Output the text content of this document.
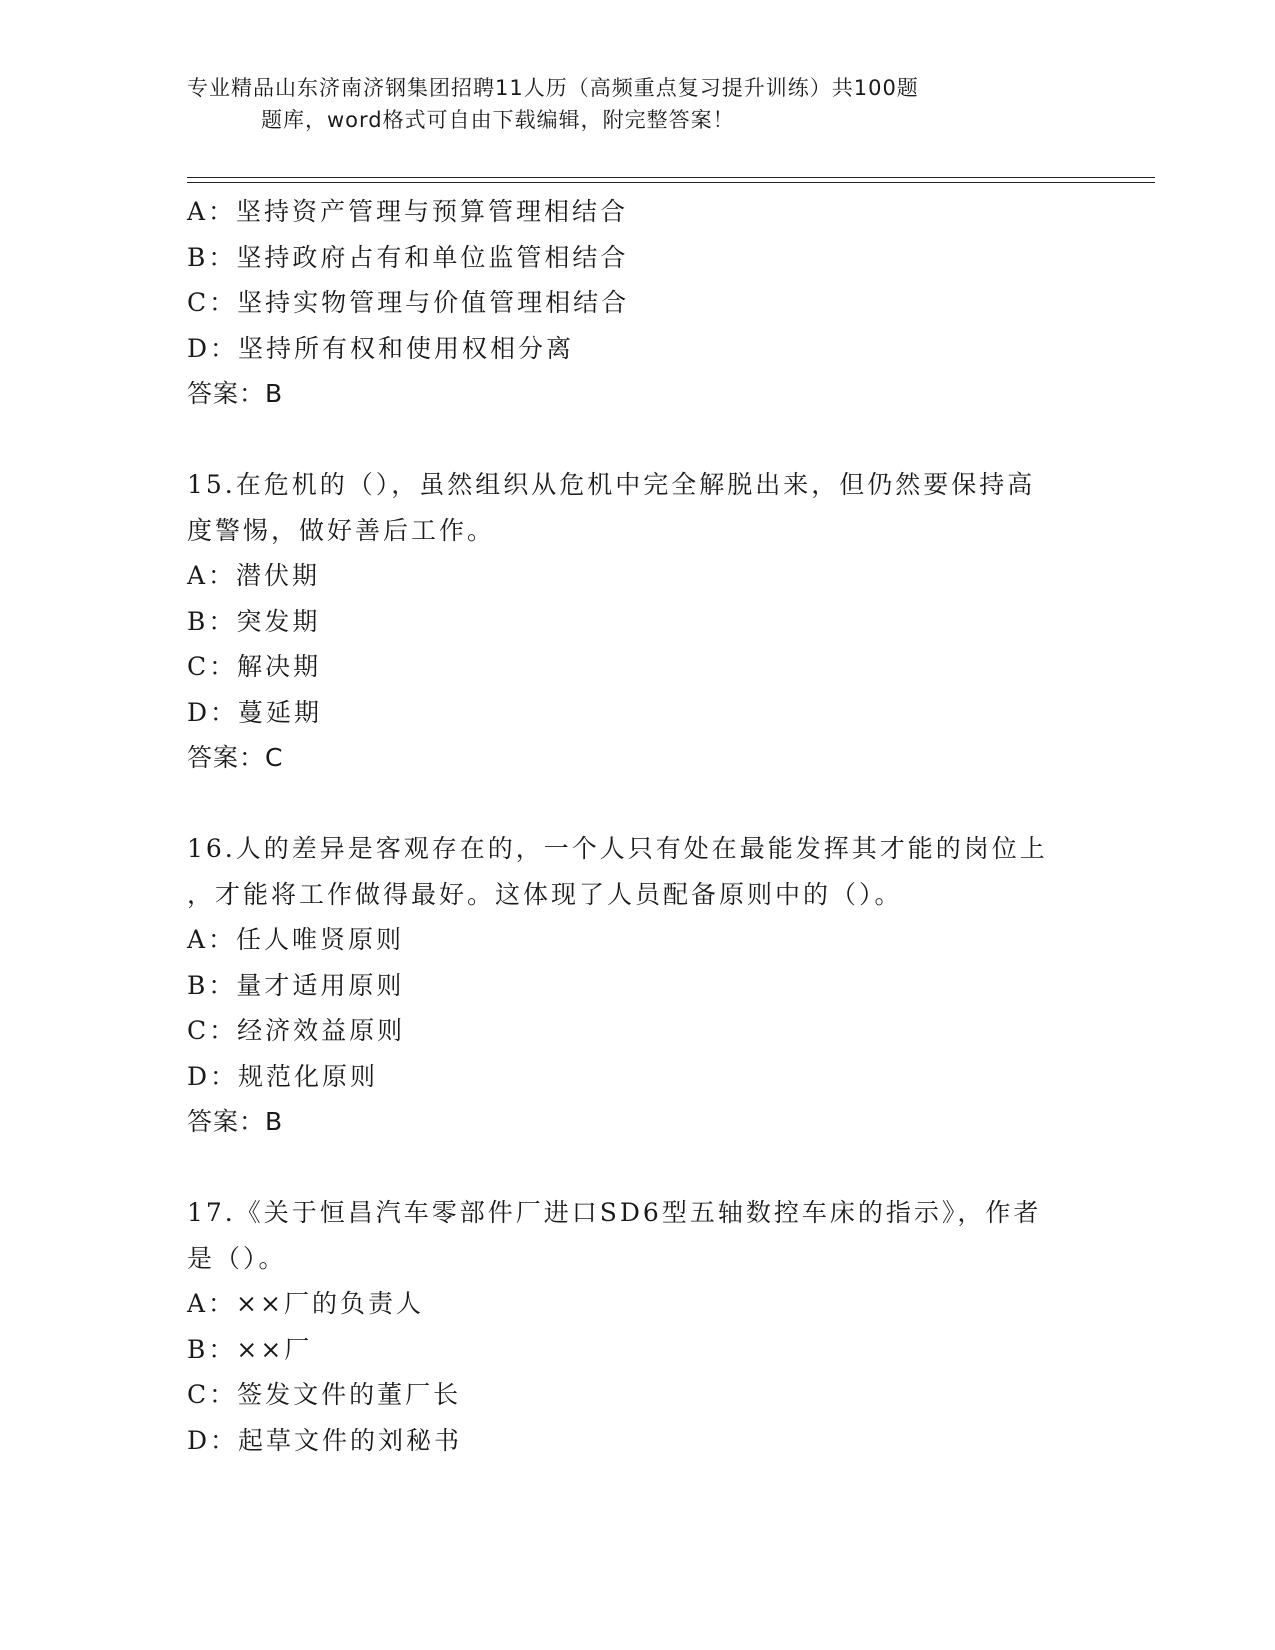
专业精品山东济南济钢集团招聘11人历（高频重点复习提升训练）共100题
题库，word格式可自由下载编辑，附完整答案！
A：坚持资产管理与预算管理相结合
B：坚持政府占有和单位监管相结合
C：坚持实物管理与价值管理相结合
D：坚持所有权和使用权相分离
答案：B
15.在危机的（），虽然组织从危机中完全解脱出来，但仍然要保持高
度警惕，做好善后工作。
A：潜伏期
B：突发期
C：解决期
D：蔓延期
答案：C
16.人的差异是客观存在的，一个人只有处在最能发挥其才能的岗位上
，才能将工作做得最好。这体现了人员配备原则中的（）。
A：任人唯贤原则
B：量才适用原则
C：经济效益原则
D：规范化原则
答案：B
17.《关于恒昌汽车零部件厂进口SD6型五轴数控车床的指示》，作者
是（）。
A：××厂的负责人
B：××厂
C：签发文件的董厂长
D：起草文件的刘秘书
